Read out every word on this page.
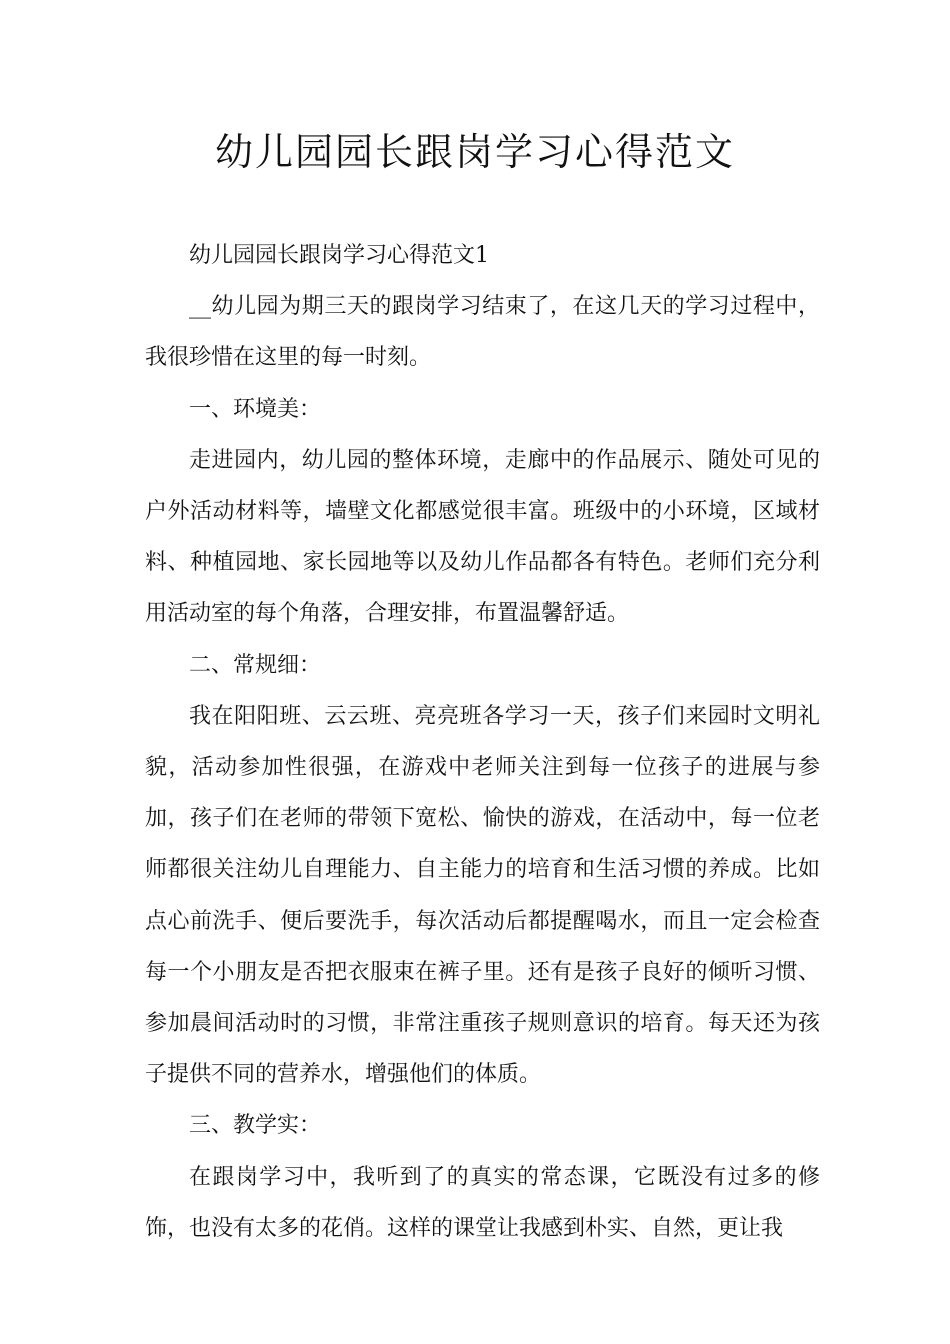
幼儿园园长跟岗学习心得范文

幼儿园园长跟岗学习心得范文1

__幼儿园为期三天的跟岗学习结束了，在这几天的学习过程中，我很珍惜在这里的每一时刻。

一、环境美：

走进园内，幼儿园的整体环境，走廊中的作品展示、随处可见的户外活动材料等，墙壁文化都感觉很丰富。班级中的小环境，区域材料、种植园地、家长园地等以及幼儿作品都各有特色。老师们充分利用活动室的每个角落，合理安排，布置温馨舒适。

二、常规细：

我在阳阳班、云云班、亮亮班各学习一天，孩子们来园时文明礼貌，活动参加性很强，在游戏中老师关注到每一位孩子的进展与参加，孩子们在老师的带领下宽松、愉快的游戏，在活动中，每一位老师都很关注幼儿自理能力、自主能力的培育和生活习惯的养成。比如点心前洗手、便后要洗手，每次活动后都提醒喝水，而且一定会检查每一个小朋友是否把衣服束在裤子里。还有是孩子良好的倾听习惯、参加晨间活动时的习惯，非常注重孩子规则意识的培育。每天还为孩子提供不同的营养水，增强他们的体质。

三、教学实：

在跟岗学习中，我听到了的真实的常态课，它既没有过多的修饰，也没有太多的花俏。这样的课堂让我感到朴实、自然，更让我
